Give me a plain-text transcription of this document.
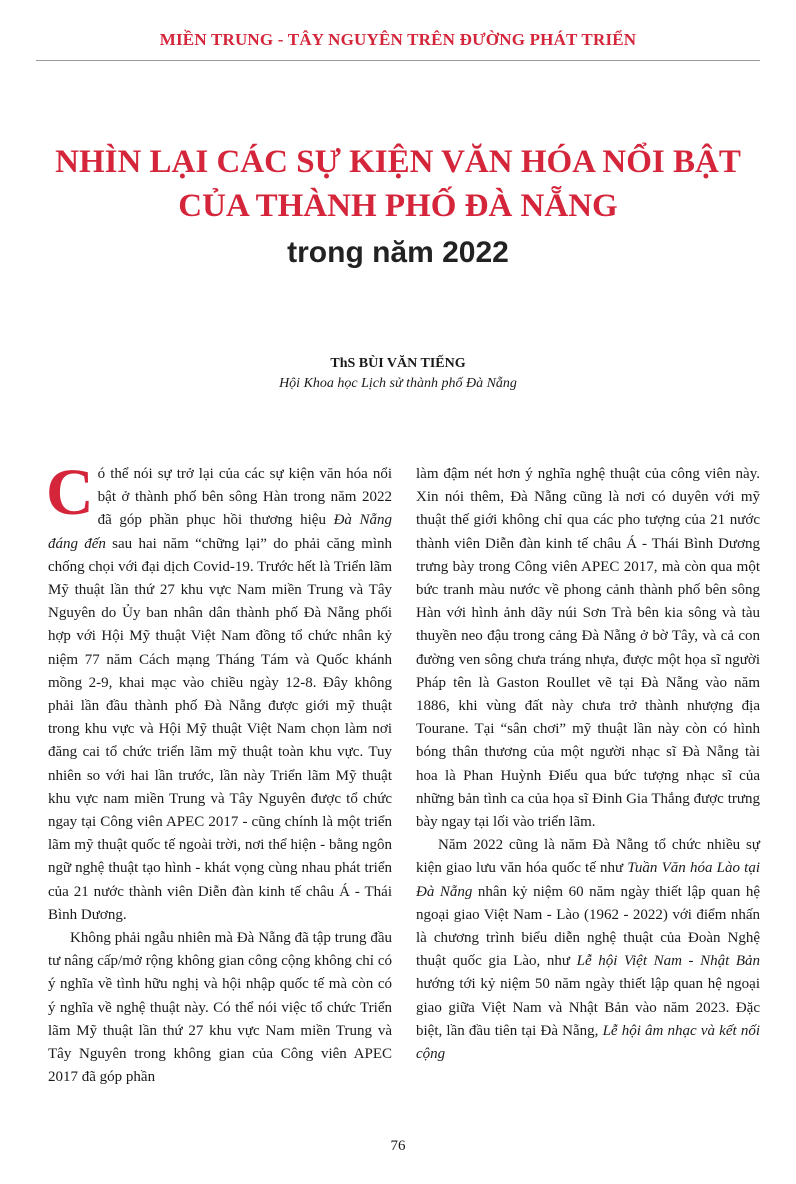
MIỀN TRUNG - TÂY NGUYÊN TRÊN ĐƯỜNG PHÁT TRIỂN
NHÌN LẠI CÁC SỰ KIỆN VĂN HÓA NỔI BẬT
CỦA THÀNH PHỐ ĐÀ NẴNG
trong năm 2022
ThS BÙI VĂN TIẾNG
Hội Khoa học Lịch sử thành phố Đà Nẵng

Có thể nói sự trở lại của các sự kiện văn hóa nổi bật ở thành phố bên sông Hàn trong năm 2022 đã góp phần phục hồi thương hiệu Đà Nẵng đáng đến sau hai năm “chững lại” do phải căng mình chống chọi với đại dịch Covid-19. Trước hết là Triển lãm Mỹ thuật lần thứ 27 khu vực Nam miền Trung và Tây Nguyên do Ủy ban nhân dân thành phố Đà Nẵng phối hợp với Hội Mỹ thuật Việt Nam đồng tổ chức nhân kỷ niệm 77 năm Cách mạng Tháng Tám và Quốc khánh mồng 2-9, khai mạc vào chiều ngày 12-8. Đây không phải lần đầu thành phố Đà Nẵng được giới mỹ thuật trong khu vực và Hội Mỹ thuật Việt Nam chọn làm nơi đăng cai tổ chức triển lãm mỹ thuật toàn khu vực. Tuy nhiên so với hai lần trước, lần này Triển lãm Mỹ thuật khu vực nam miền Trung và Tây Nguyên được tổ chức ngay tại Công viên APEC 2017 - cũng chính là một triển lãm mỹ thuật quốc tế ngoài trời, nơi thể hiện - bằng ngôn ngữ nghệ thuật tạo hình - khát vọng cùng nhau phát triển của 21 nước thành viên Diễn đàn kinh tế châu Á - Thái Bình Dương.

Không phải ngẫu nhiên mà Đà Nẵng đã tập trung đầu tư nâng cấp/mở rộng không gian công cộng không chỉ có ý nghĩa về tình hữu nghị và hội nhập quốc tế mà còn có ý nghĩa về nghệ thuật này. Có thể nói việc tổ chức Triển lãm Mỹ thuật lần thứ 27 khu vực Nam miền Trung và Tây Nguyên trong không gian của Công viên APEC 2017 đã góp phần

làm đậm nét hơn ý nghĩa nghệ thuật của công viên này. Xin nói thêm, Đà Nẵng cũng là nơi có duyên với mỹ thuật thế giới không chỉ qua các pho tượng của 21 nước thành viên Diễn đàn kinh tế châu Á - Thái Bình Dương trưng bày trong Công viên APEC 2017, mà còn qua một bức tranh màu nước về phong cảnh thành phố bên sông Hàn với hình ảnh dãy núi Sơn Trà bên kia sông và tàu thuyền neo đậu trong cảng Đà Nẵng ở bờ Tây, và cả con đường ven sông chưa tráng nhựa, được một họa sĩ người Pháp tên là Gaston Roullet vẽ tại Đà Nẵng vào năm 1886, khi vùng đất này chưa trở thành nhượng địa Tourane. Tại “sân chơi” mỹ thuật lần này còn có hình bóng thân thương của một người nhạc sĩ Đà Nẵng tài hoa là Phan Huỳnh Điểu qua bức tượng nhạc sĩ của những bản tình ca của họa sĩ Đinh Gia Thắng được trưng bày ngay tại lối vào triển lãm.

Năm 2022 cũng là năm Đà Nẵng tổ chức nhiều sự kiện giao lưu văn hóa quốc tế như Tuần Văn hóa Lào tại Đà Nẵng nhân kỷ niệm 60 năm ngày thiết lập quan hệ ngoại giao Việt Nam - Lào (1962 - 2022) với điểm nhấn là chương trình biểu diễn nghệ thuật của Đoàn Nghệ thuật quốc gia Lào, như Lễ hội Việt Nam - Nhật Bản hướng tới kỷ niệm 50 năm ngày thiết lập quan hệ ngoại giao giữa Việt Nam và Nhật Bản vào năm 2023. Đặc biệt, lần đầu tiên tại Đà Nẵng, Lễ hội âm nhạc và kết nối cộng

76
